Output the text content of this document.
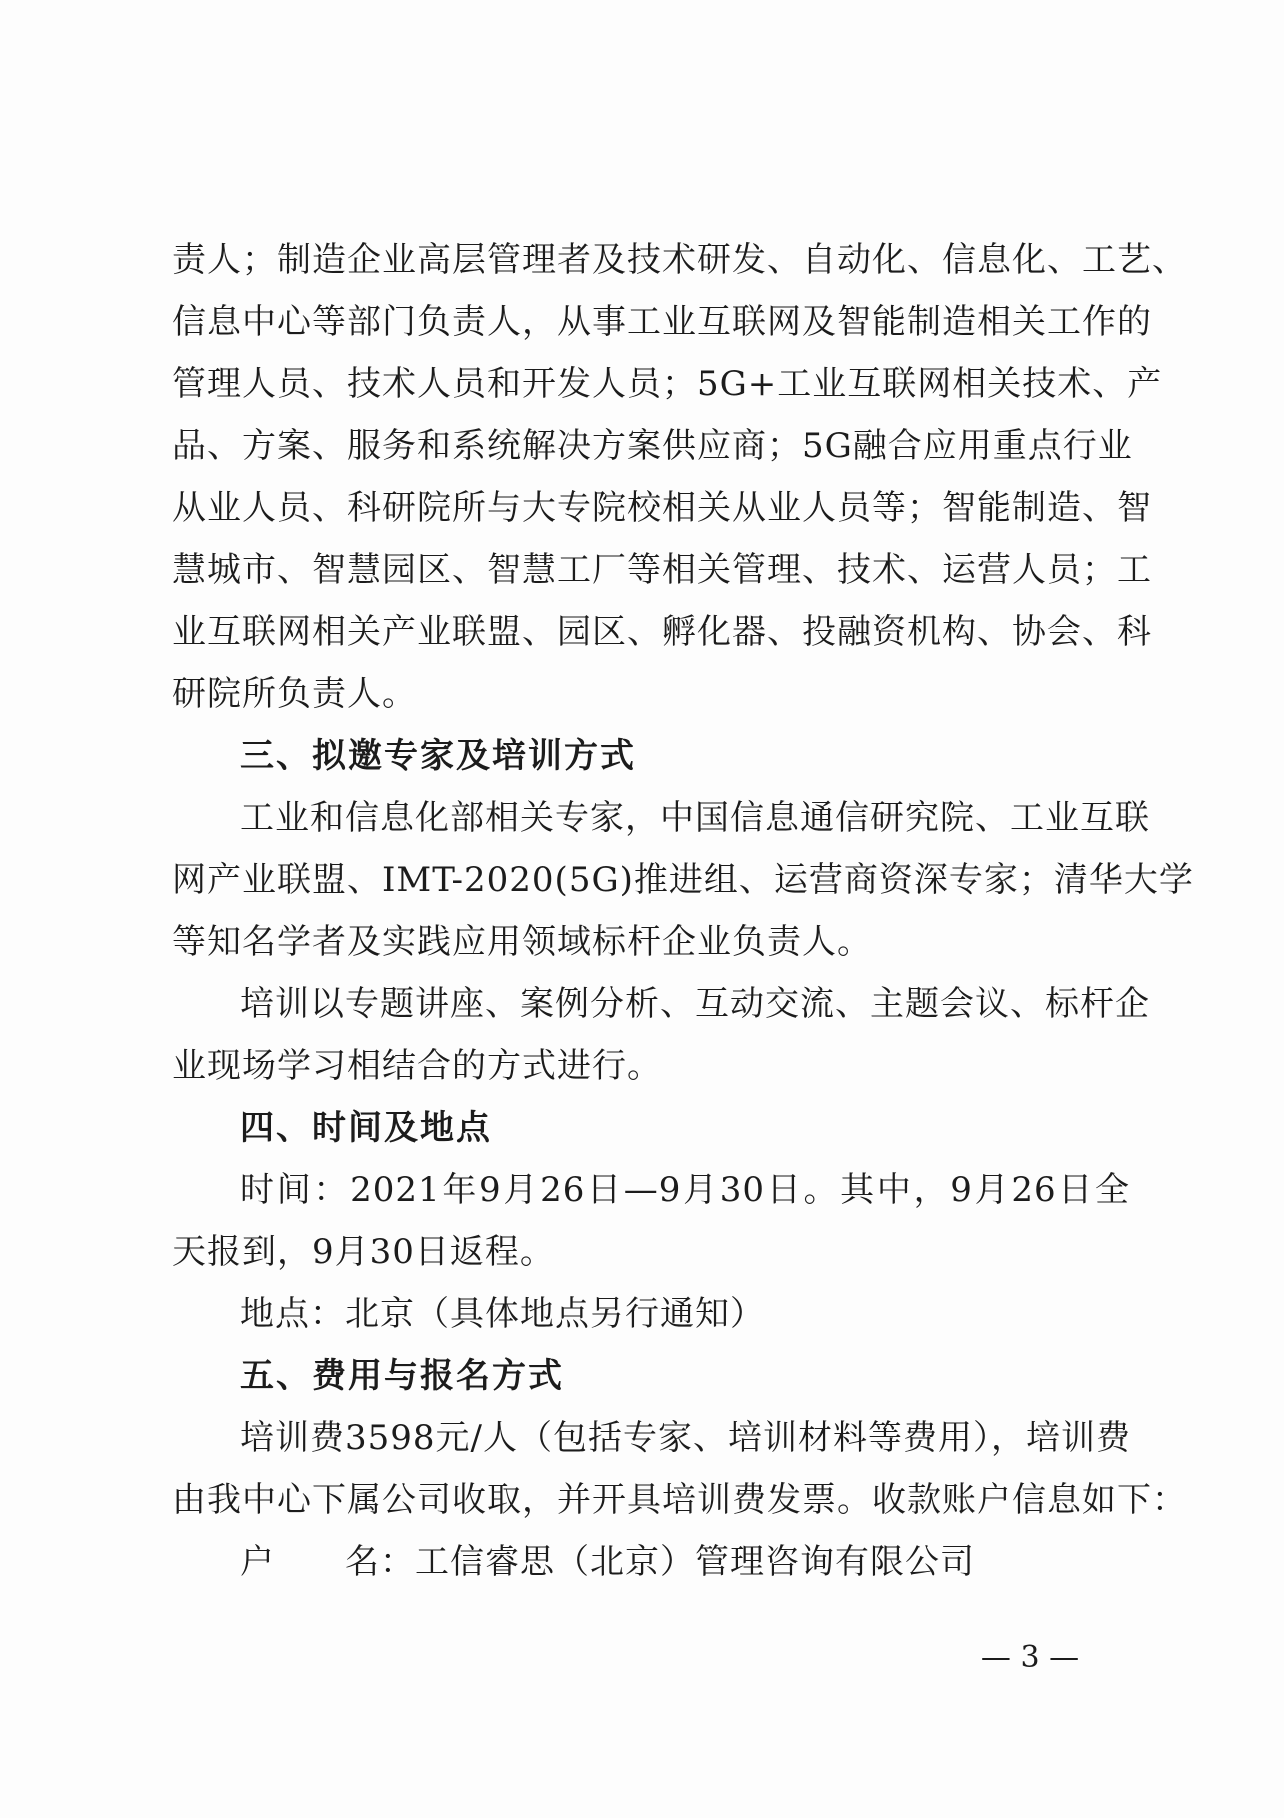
责人；制造企业高层管理者及技术研发、自动化、信息化、工艺、
信息中心等部门负责人，从事工业互联网及智能制造相关工作的
管理人员、技术人员和开发人员；5G+工业互联网相关技术、产
品、方案、服务和系统解决方案供应商；5G融合应用重点行业
从业人员、科研院所与大专院校相关从业人员等；智能制造、智
慧城市、智慧园区、智慧工厂等相关管理、技术、运营人员；工
业互联网相关产业联盟、园区、孵化器、投融资机构、协会、科
研院所负责人。
三、拟邀专家及培训方式
工业和信息化部相关专家，中国信息通信研究院、工业互联
网产业联盟、IMT-2020(5G)推进组、运营商资深专家；清华大学
等知名学者及实践应用领域标杆企业负责人。
培训以专题讲座、案例分析、互动交流、主题会议、标杆企
业现场学习相结合的方式进行。
四、时间及地点
时间：2021年9月26日—9月30日。其中，9月26日全
天报到，9月30日返程。
地点：北京（具体地点另行通知）
五、费用与报名方式
培训费3598元/人（包括专家、培训材料等费用），培训费
由我中心下属公司收取，并开具培训费发票。收款账户信息如下：
户　　名：工信睿思（北京）管理咨询有限公司
— 3 —
